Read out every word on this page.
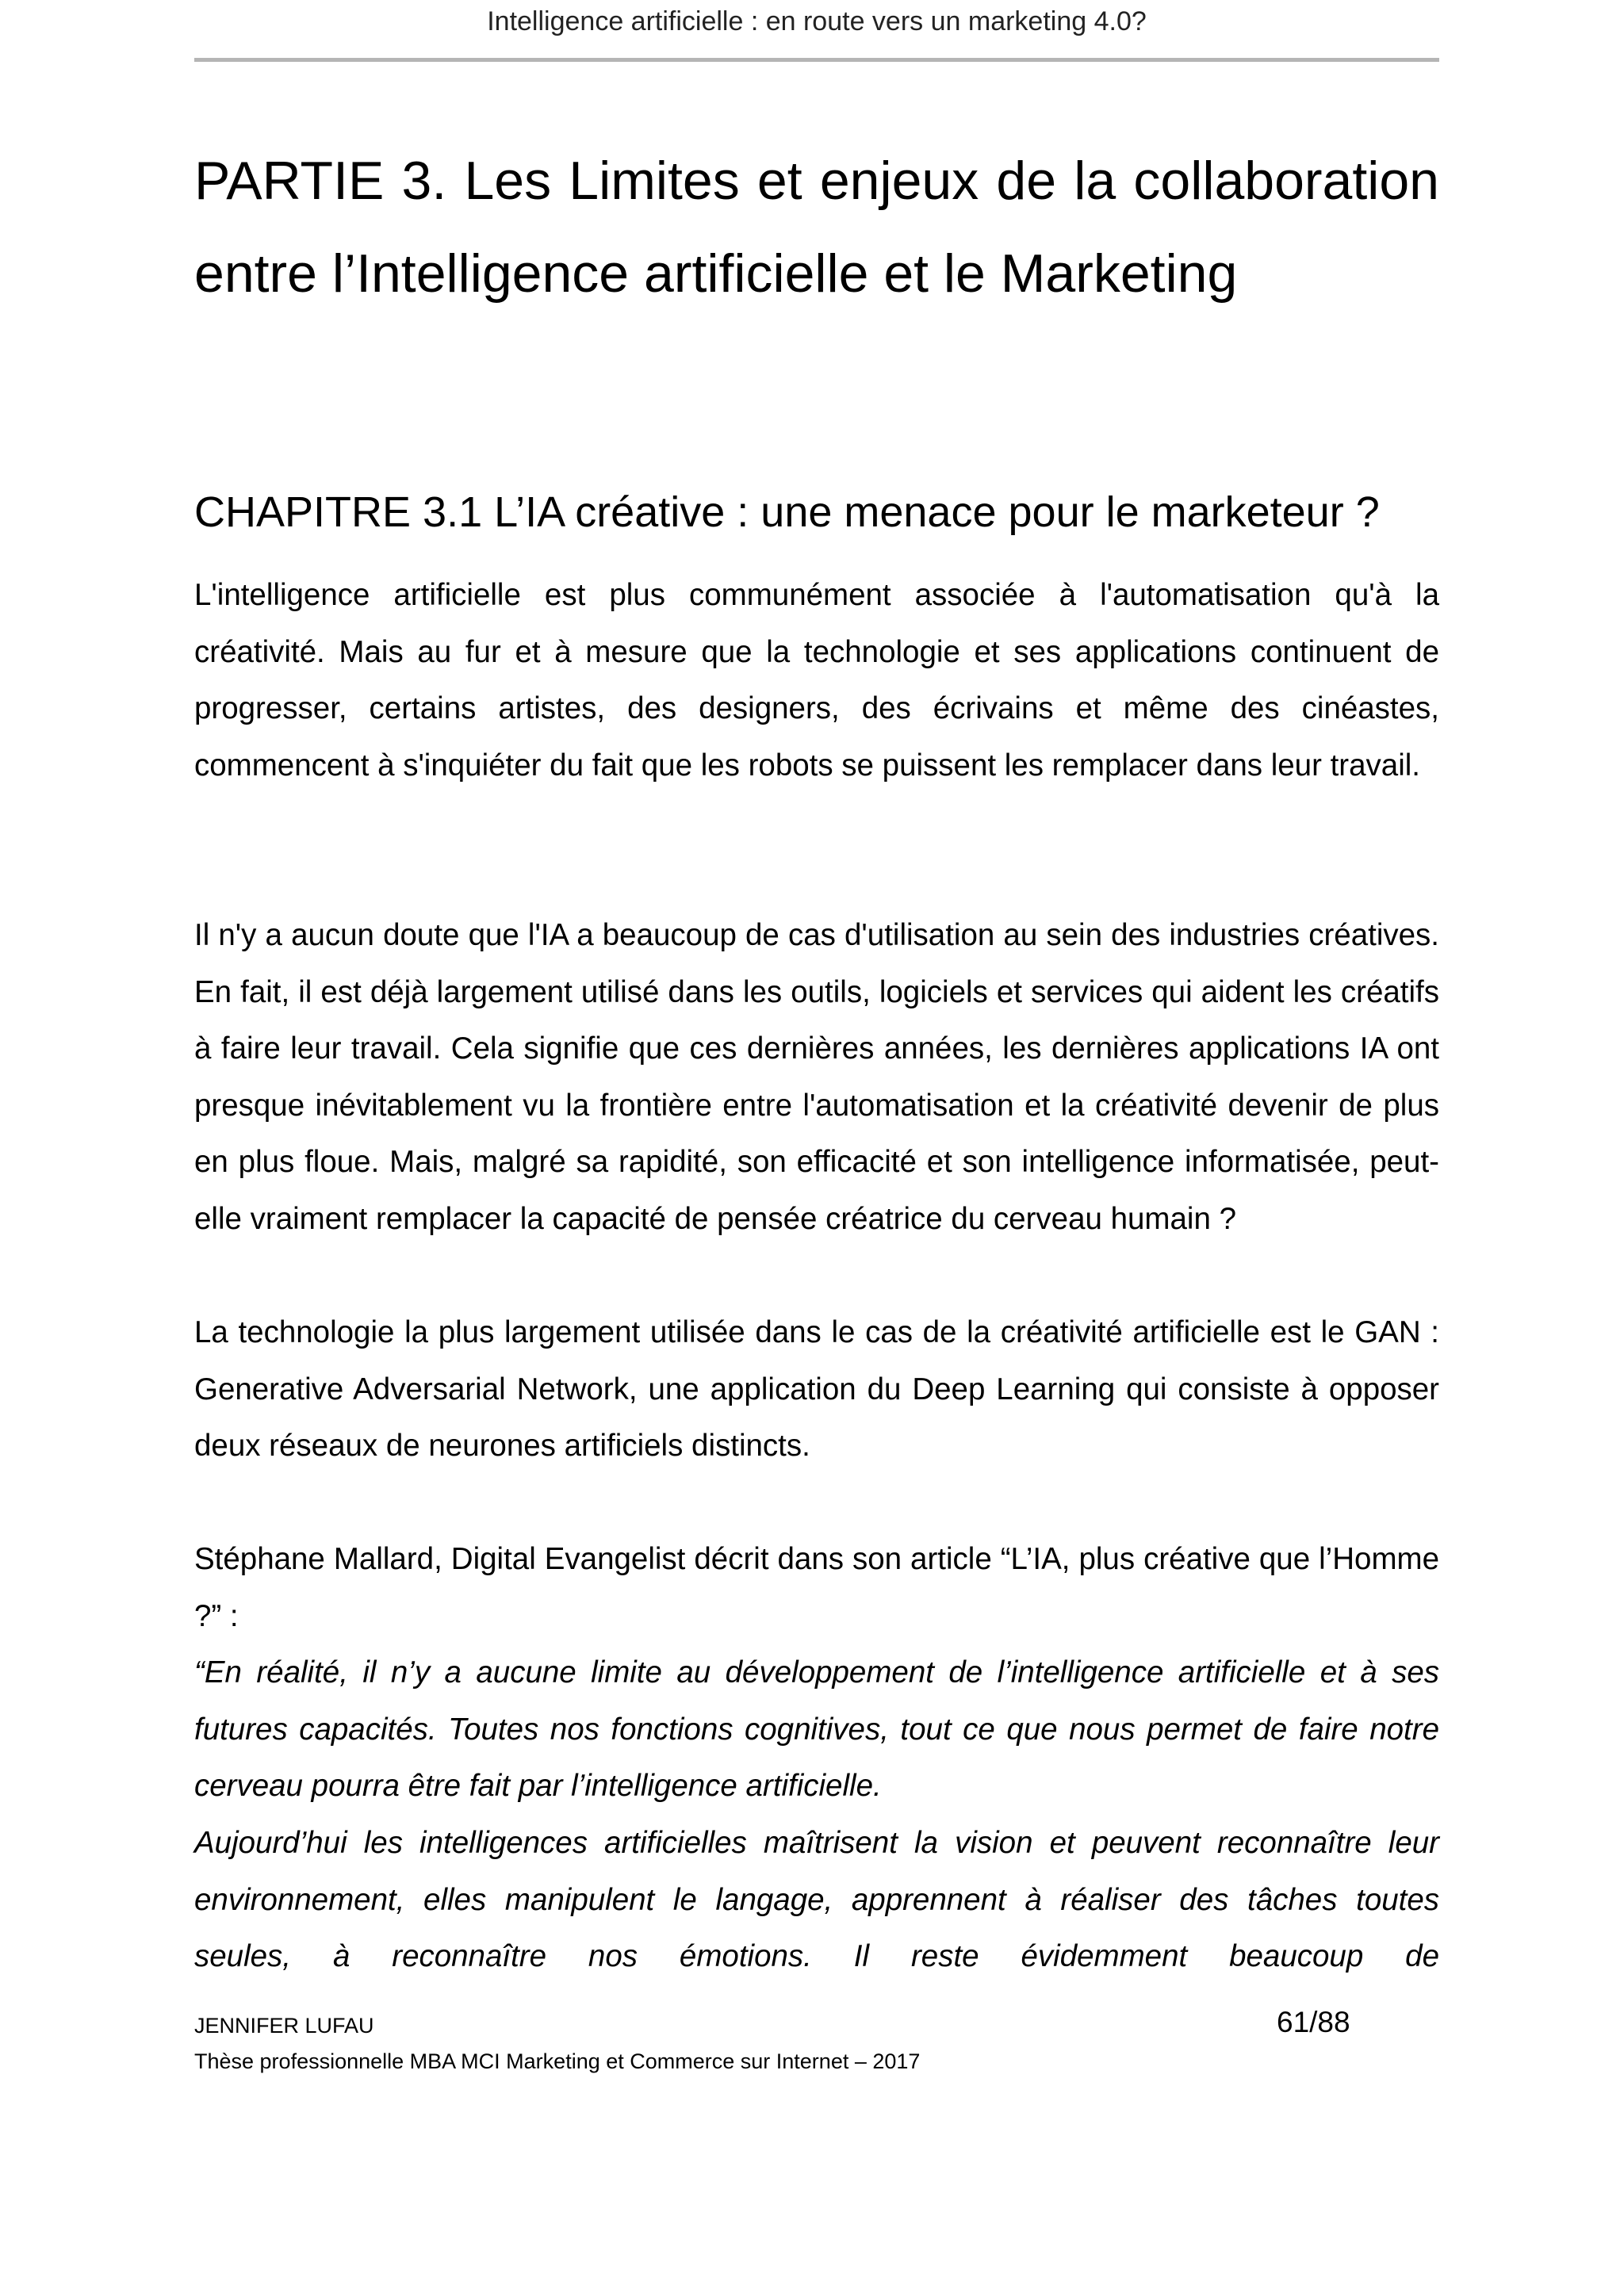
Intelligence artificielle : en route vers un marketing 4.0?
PARTIE 3. Les Limites et enjeux de la collaboration entre l’Intelligence artificielle et le Marketing
CHAPITRE 3.1 L’IA créative : une menace pour le marketeur ?

L'intelligence artificielle est plus communément associée à l'automatisation qu'à la créativité. Mais au fur et à mesure que la technologie et ses applications continuent de progresser, certains artistes, des designers, des écrivains et même des cinéastes, commencent à s'inquiéter du fait que les robots se puissent les remplacer dans leur travail.

Il n'y a aucun doute que l'IA a beaucoup de cas d'utilisation au sein des industries créatives. En fait, il est déjà largement utilisé dans les outils, logiciels et services qui aident les créatifs à faire leur travail. Cela signifie que ces dernières années, les dernières applications IA ont presque inévitablement vu la frontière entre l'automatisation et la créativité devenir de plus en plus floue. Mais, malgré sa rapidité, son efficacité et son intelligence informatisée, peut-elle vraiment remplacer la capacité de pensée créatrice du cerveau humain ?

La technologie la plus largement utilisée dans le cas de la créativité artificielle est le GAN : Generative Adversarial Network, une application du Deep Learning qui consiste à opposer deux réseaux de neurones artificiels distincts.

Stéphane Mallard, Digital Evangelist décrit dans son article “L’IA, plus créative que l’Homme ?” :

“En réalité, il n’y a aucune limite au développement de l’intelligence artificielle et à ses futures capacités. Toutes nos fonctions cognitives, tout ce que nous permet de faire notre cerveau pourra être fait par l’intelligence artificielle.

Aujourd’hui les intelligences artificielles maîtrisent la vision et peuvent reconnaître leur environnement, elles manipulent le langage, apprennent à réaliser des tâches toutes seules, à reconnaître nos émotions. Il reste évidemment beaucoup de

JENNIFER LUFAU	61/88
Thèse professionnelle MBA MCI Marketing et Commerce sur Internet – 2017
